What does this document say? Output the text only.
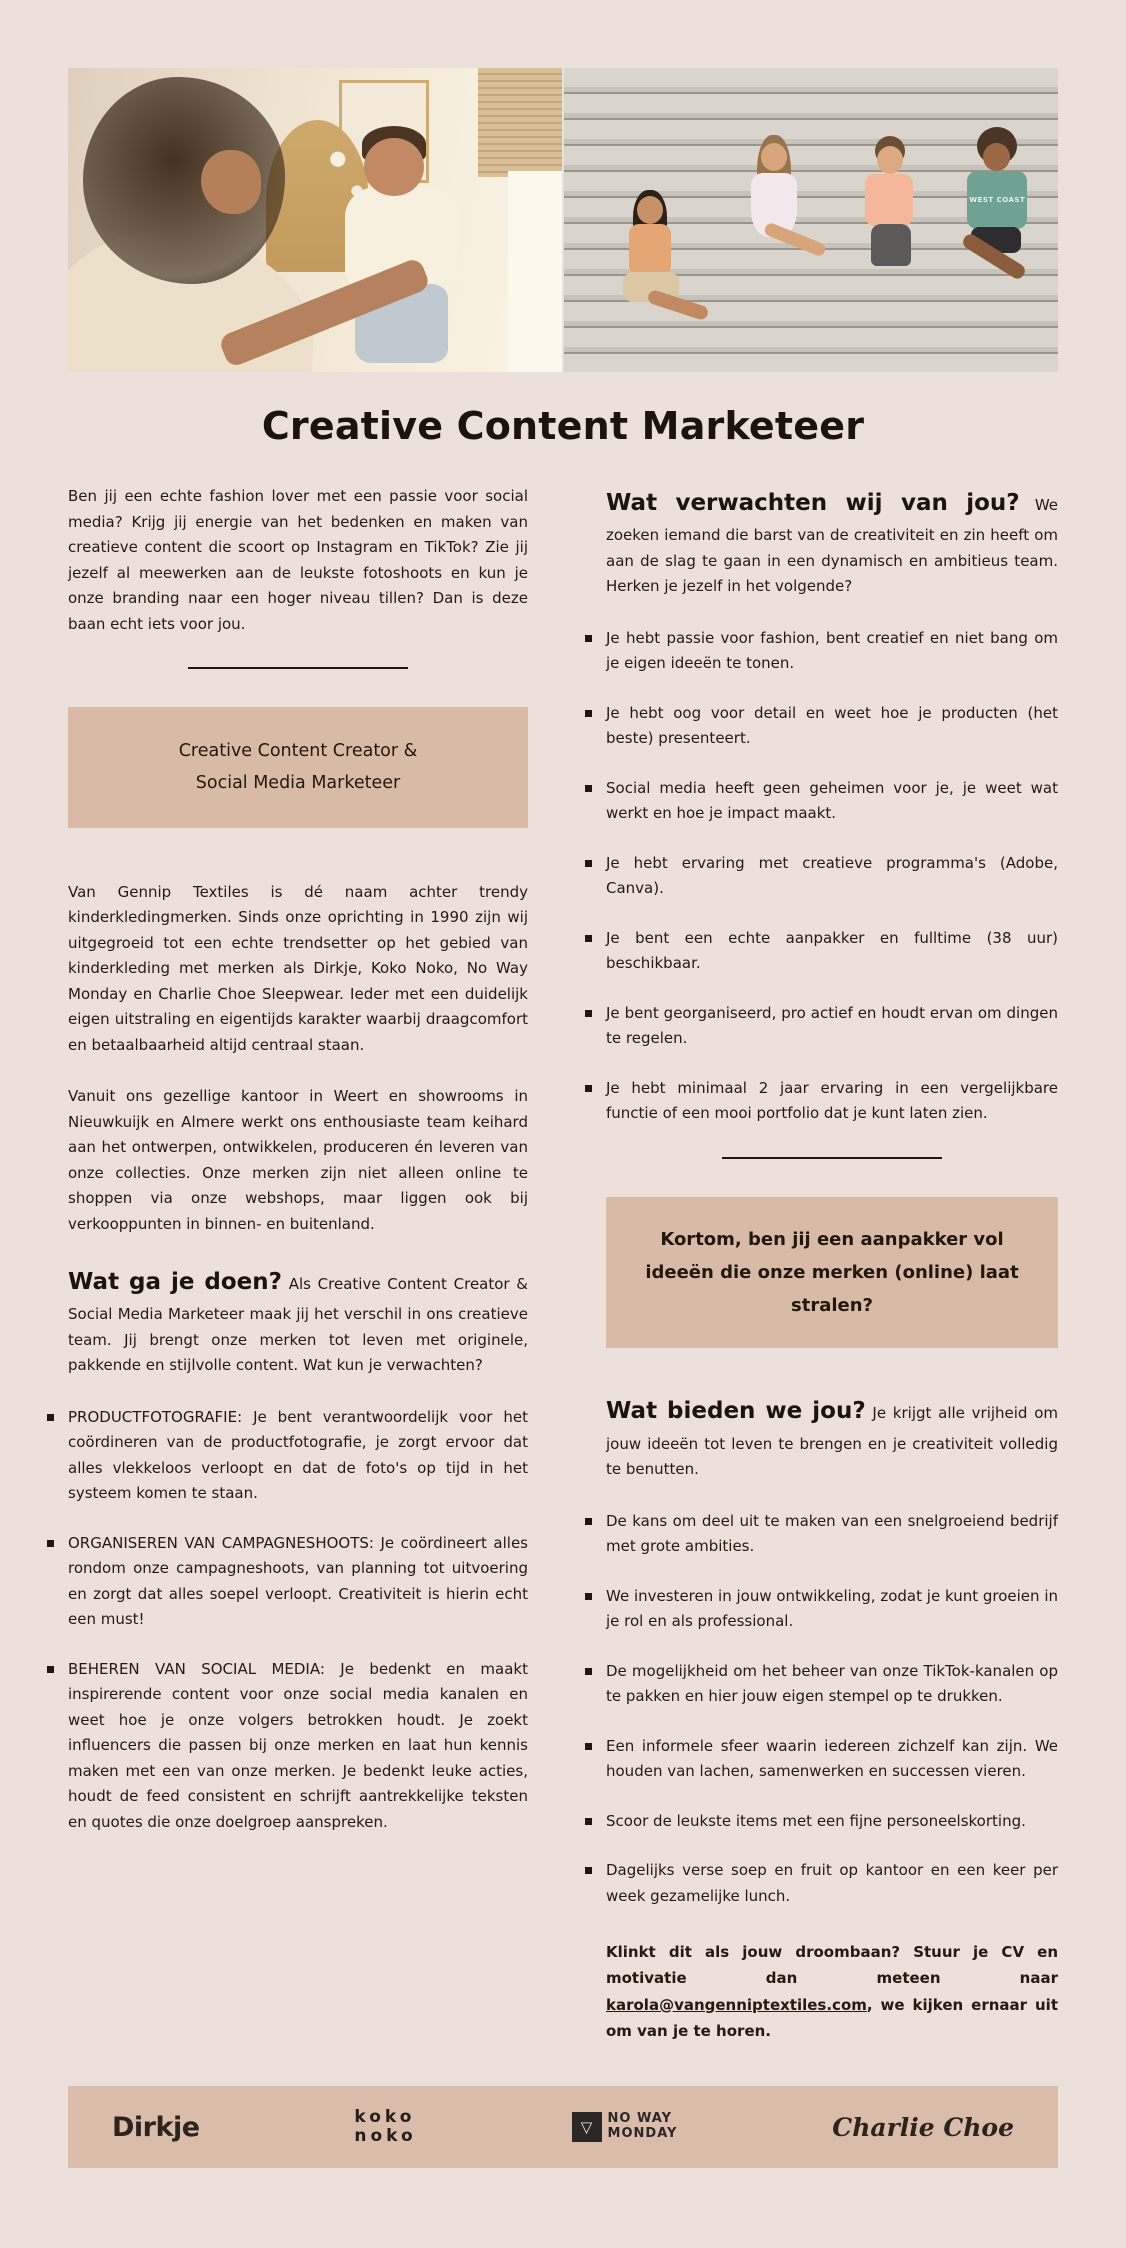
WEST COAST
Creative Content Marketeer

Ben jij een echte fashion lover met een passie voor social media? Krijg jij energie van het bedenken en maken van creatieve content die scoort op Instagram en TikTok? Zie jij jezelf al meewerken aan de leukste fotoshoots en kun je onze branding naar een hoger niveau tillen? Dan is deze baan echt iets voor jou.

Creative Content Creator &
Social Media Marketeer

Van Gennip Textiles is dé naam achter trendy kinderkledingmerken. Sinds onze oprichting in 1990 zijn wij uitgegroeid tot een echte trendsetter op het gebied van kinderkleding met merken als Dirkje, Koko Noko, No Way Monday en Charlie Choe Sleepwear. Ieder met een duidelijk eigen uitstraling en eigentijds karakter waarbij draagcomfort en betaalbaarheid altijd centraal staan.

Vanuit ons gezellige kantoor in Weert en showrooms in Nieuwkuijk en Almere werkt ons enthousiaste team keihard aan het ontwerpen, ontwikkelen, produceren én leveren van onze collecties. Onze merken zijn niet alleen online te shoppen via onze webshops, maar liggen ook bij verkooppunten in binnen- en buitenland.

Wat ga je doen? Als Creative Content Creator & Social Media Marketeer maak jij het verschil in ons creatieve team. Jij brengt onze merken tot leven met originele, pakkende en stijlvolle content. Wat kun je verwachten?

PRODUCTFOTOGRAFIE: Je bent verantwoordelijk voor het coördineren van de productfotografie, je zorgt ervoor dat alles vlekkeloos verloopt en dat de foto's op tijd in het systeem komen te staan.
ORGANISEREN VAN CAMPAGNESHOOTS: Je coördineert alles rondom onze campagneshoots, van planning tot uitvoering en zorgt dat alles soepel verloopt. Creativiteit is hierin echt een must!
BEHEREN VAN SOCIAL MEDIA: Je bedenkt en maakt inspirerende content voor onze social media kanalen en weet hoe je onze volgers betrokken houdt. Je zoekt influencers die passen bij onze merken en laat hun kennis maken met een van onze merken. Je bedenkt leuke acties, houdt de feed consistent en schrijft aantrekkelijke teksten en quotes die onze doelgroep aanspreken.

Wat verwachten wij van jou? We zoeken iemand die barst van de creativiteit en zin heeft om aan de slag te gaan in een dynamisch en ambitieus team. Herken je jezelf in het volgende?

Je hebt passie voor fashion, bent creatief en niet bang om je eigen ideeën te tonen.
Je hebt oog voor detail en weet hoe je producten (het beste) presenteert.
Social media heeft geen geheimen voor je, je weet wat werkt en hoe je impact maakt.
Je hebt ervaring met creatieve programma's (Adobe, Canva).
Je bent een echte aanpakker en fulltime (38 uur) beschikbaar.
Je bent georganiseerd, pro actief en houdt ervan om dingen te regelen.
Je hebt minimaal 2 jaar ervaring in een vergelijkbare functie of een mooi portfolio dat je kunt laten zien.
Kortom, ben jij een aanpakker vol ideeën die onze merken (online) laat stralen?

Wat bieden we jou? Je krijgt alle vrijheid om jouw ideeën tot leven te brengen en je creativiteit volledig te benutten.

De kans om deel uit te maken van een snelgroeiend bedrijf met grote ambities.
We investeren in jouw ontwikkeling, zodat je kunt groeien in je rol en als professional.
De mogelijkheid om het beheer van onze TikTok-kanalen op te pakken en hier jouw eigen stempel op te drukken.
Een informele sfeer waarin iedereen zichzelf kan zijn. We houden van lachen, samenwerken en successen vieren.
Scoor de leukste items met een fijne personeelskorting.
Dagelijks verse soep en fruit op kantoor en een keer per week gezamelijke lunch.

Klinkt dit als jouw droombaan? Stuur je CV en motivatie dan meteen naar karola@vangenniptextiles.com, we kijken ernaar uit om van je te horen.

Dirkje	koko
noko	▽	NO WAY
MONDAY	Charlie Choe
